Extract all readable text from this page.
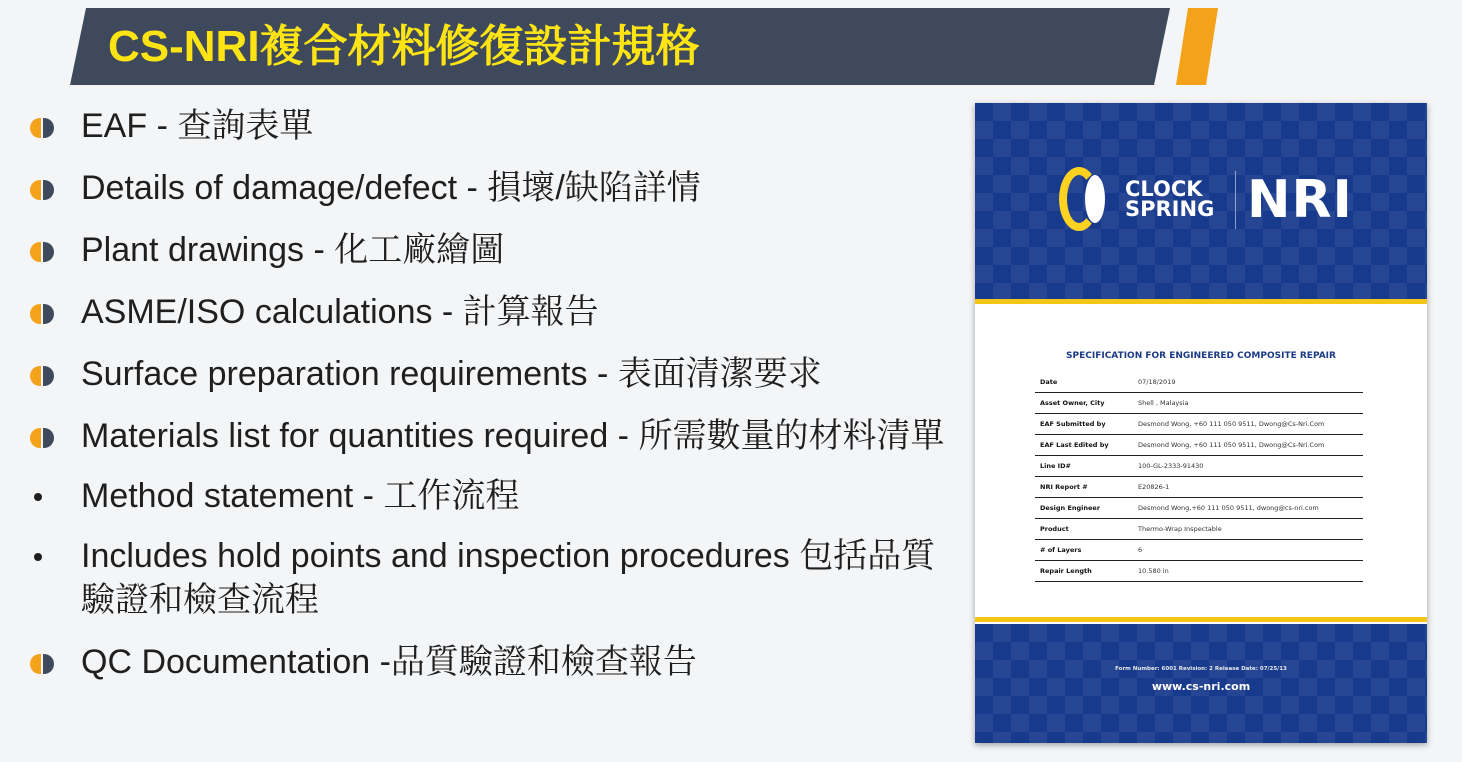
CS-NRI複合材料修復設計規格
EAF - 查詢表單
Details of damage/defect - 損壞/缺陷詳情
Plant drawings - 化工廠繪圖
ASME/ISO calculations - 計算報告
Surface preparation requirements - 表面清潔要求
Materials list for quantities required - 所需數量的材料清單
Method statement - 工作流程
Includes hold points and inspection procedures 包括品質驗證和檢查流程
QC Documentation -品質驗證和檢查報告
CLOCK
SPRING NRI
SPECIFICATION FOR ENGINEERED COMPOSITE REPAIR
Date	07/18/2019
Asset Owner, City	Shell , Malaysia
EAF Submitted by	Desmond Wong, +60 111 050 9511, Dwong@Cs-Nri.Com
EAF Last Edited by	Desmond Wong, +60 111 050 9511, Dwong@Cs-Nri.Com
Line ID#	100-GL-2333-91430
NRI Report #	E20826-1
Design Engineer	Desmond Wong,+60 111 050 9511, dwong@cs-nri.com
Product	Thermo-Wrap Inspectable
# of Layers	6
Repair Length	10.580 in
Form Number: 6001 Revision: 2 Release Date: 07/25/13
www.cs-nri.com
